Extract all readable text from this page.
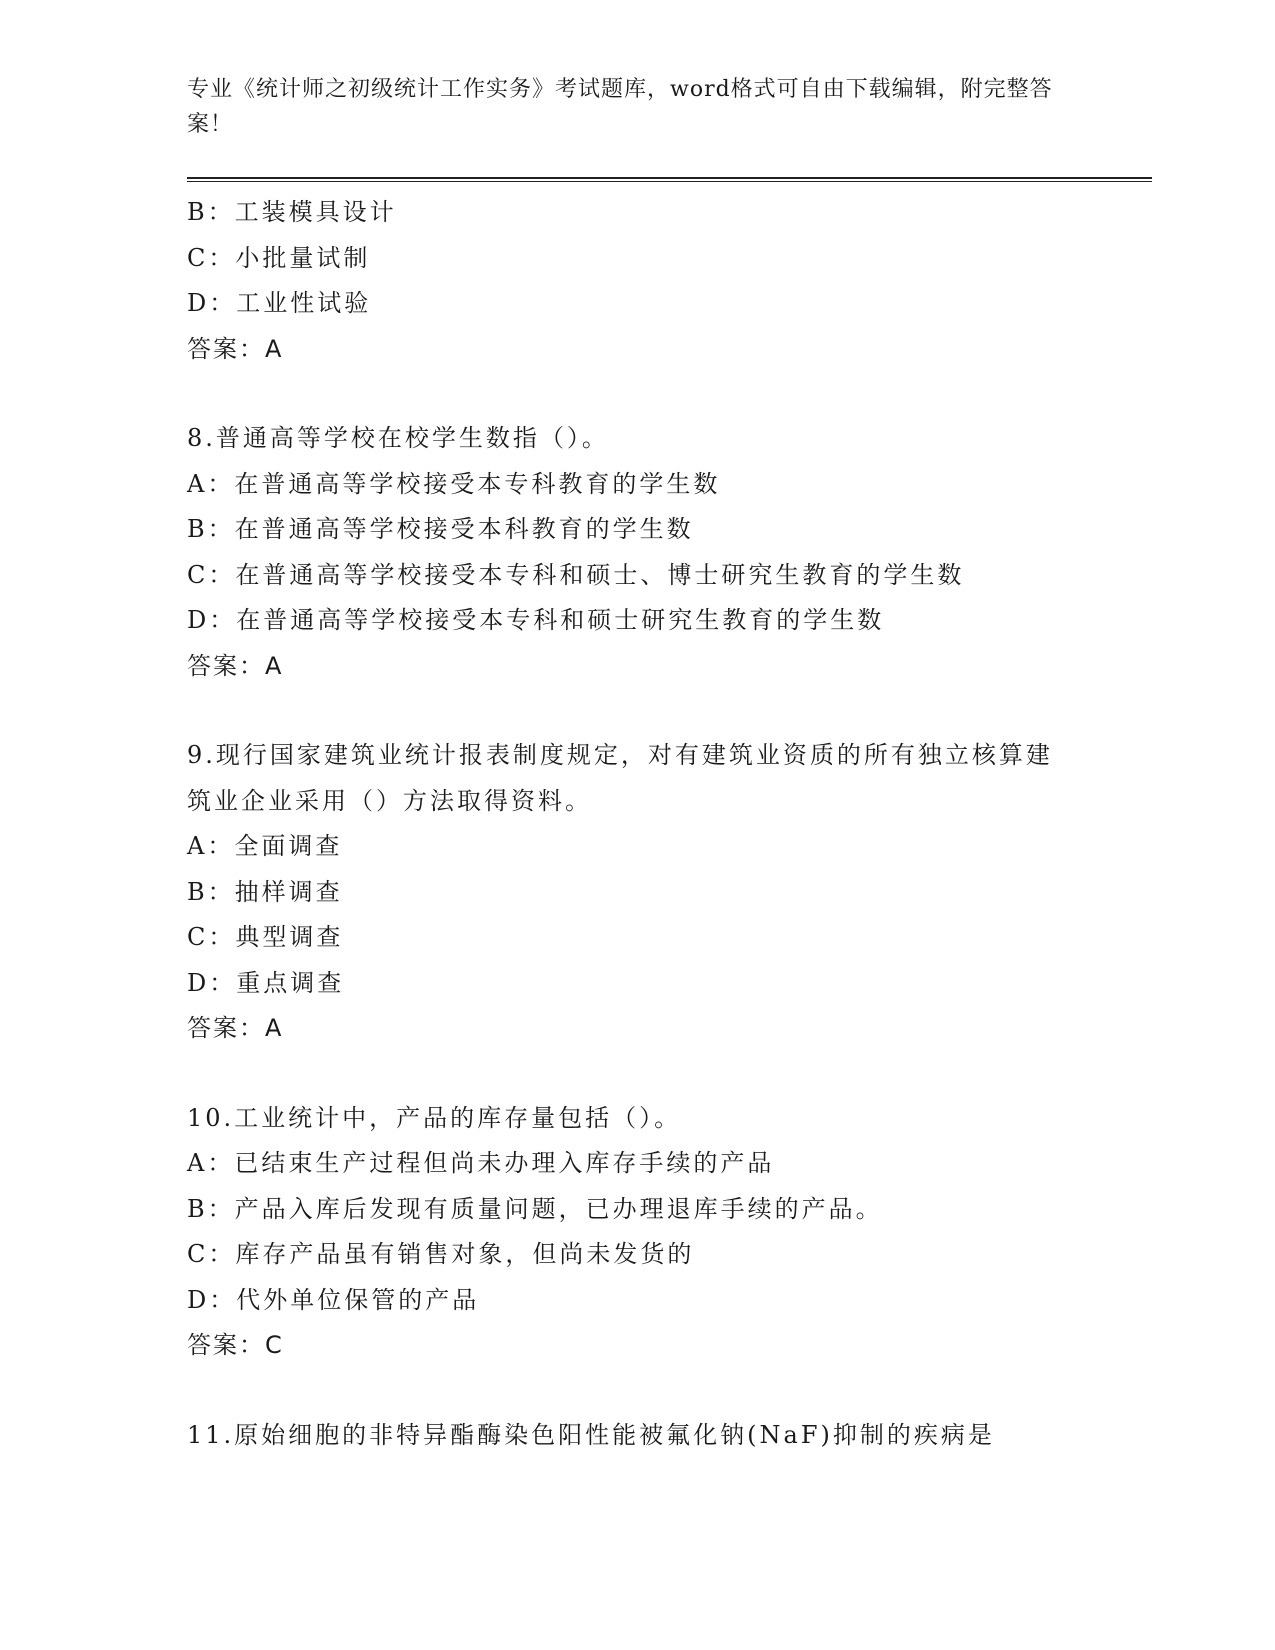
专业《统计师之初级统计工作实务》考试题库，word格式可自由下载编辑，附完整答案！
B：工装模具设计
C：小批量试制
D：工业性试验
答案：A
8.普通高等学校在校学生数指（）。
A：在普通高等学校接受本专科教育的学生数
B：在普通高等学校接受本科教育的学生数
C：在普通高等学校接受本专科和硕士、博士研究生教育的学生数
D：在普通高等学校接受本专科和硕士研究生教育的学生数
答案：A
9.现行国家建筑业统计报表制度规定，对有建筑业资质的所有独立核算建筑业企业采用（）方法取得资料。
A：全面调查
B：抽样调查
C：典型调查
D：重点调查
答案：A
10.工业统计中，产品的库存量包括（）。
A：已结束生产过程但尚未办理入库存手续的产品
B：产品入库后发现有质量问题，已办理退库手续的产品。
C：库存产品虽有销售对象，但尚未发货的
D：代外单位保管的产品
答案：C
11.原始细胞的非特异酯酶染色阳性能被氟化钠(NaF)抑制的疾病是
